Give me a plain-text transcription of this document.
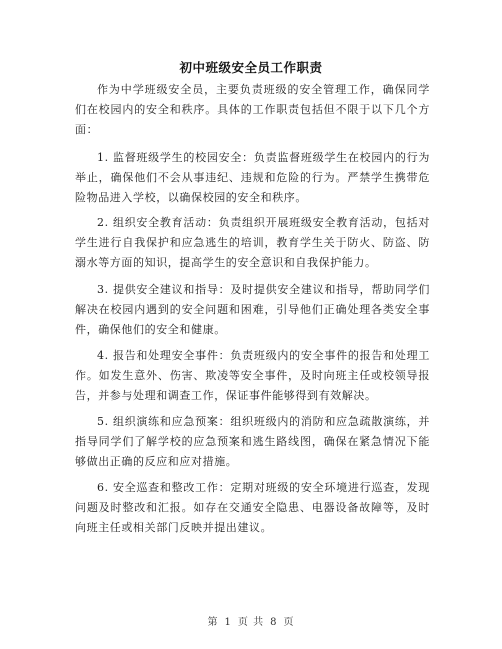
初中班级安全员工作职责

作为中学班级安全员，主要负责班级的安全管理工作，确保同学们在校园内的安全和秩序。具体的工作职责包括但不限于以下几个方面：

1. 监督班级学生的校园安全：负责监督班级学生在校园内的行为举止，确保他们不会从事违纪、违规和危险的行为。严禁学生携带危险物品进入学校，以确保校园的安全和秩序。

2. 组织安全教育活动：负责组织开展班级安全教育活动，包括对学生进行自我保护和应急逃生的培训，教育学生关于防火、防盗、防溺水等方面的知识，提高学生的安全意识和自我保护能力。

3. 提供安全建议和指导：及时提供安全建议和指导，帮助同学们解决在校园内遇到的安全问题和困难，引导他们正确处理各类安全事件，确保他们的安全和健康。

4. 报告和处理安全事件：负责班级内的安全事件的报告和处理工作。如发生意外、伤害、欺凌等安全事件，及时向班主任或校领导报告，并参与处理和调查工作，保证事件能够得到有效解决。

5. 组织演练和应急预案：组织班级内的消防和应急疏散演练，并指导同学们了解学校的应急预案和逃生路线图，确保在紧急情况下能够做出正确的反应和应对措施。

6. 安全巡查和整改工作：定期对班级的安全环境进行巡查，发现问题及时整改和汇报。如存在交通安全隐患、电器设备故障等，及时向班主任或相关部门反映并提出建议。

第 1 页 共 8 页
